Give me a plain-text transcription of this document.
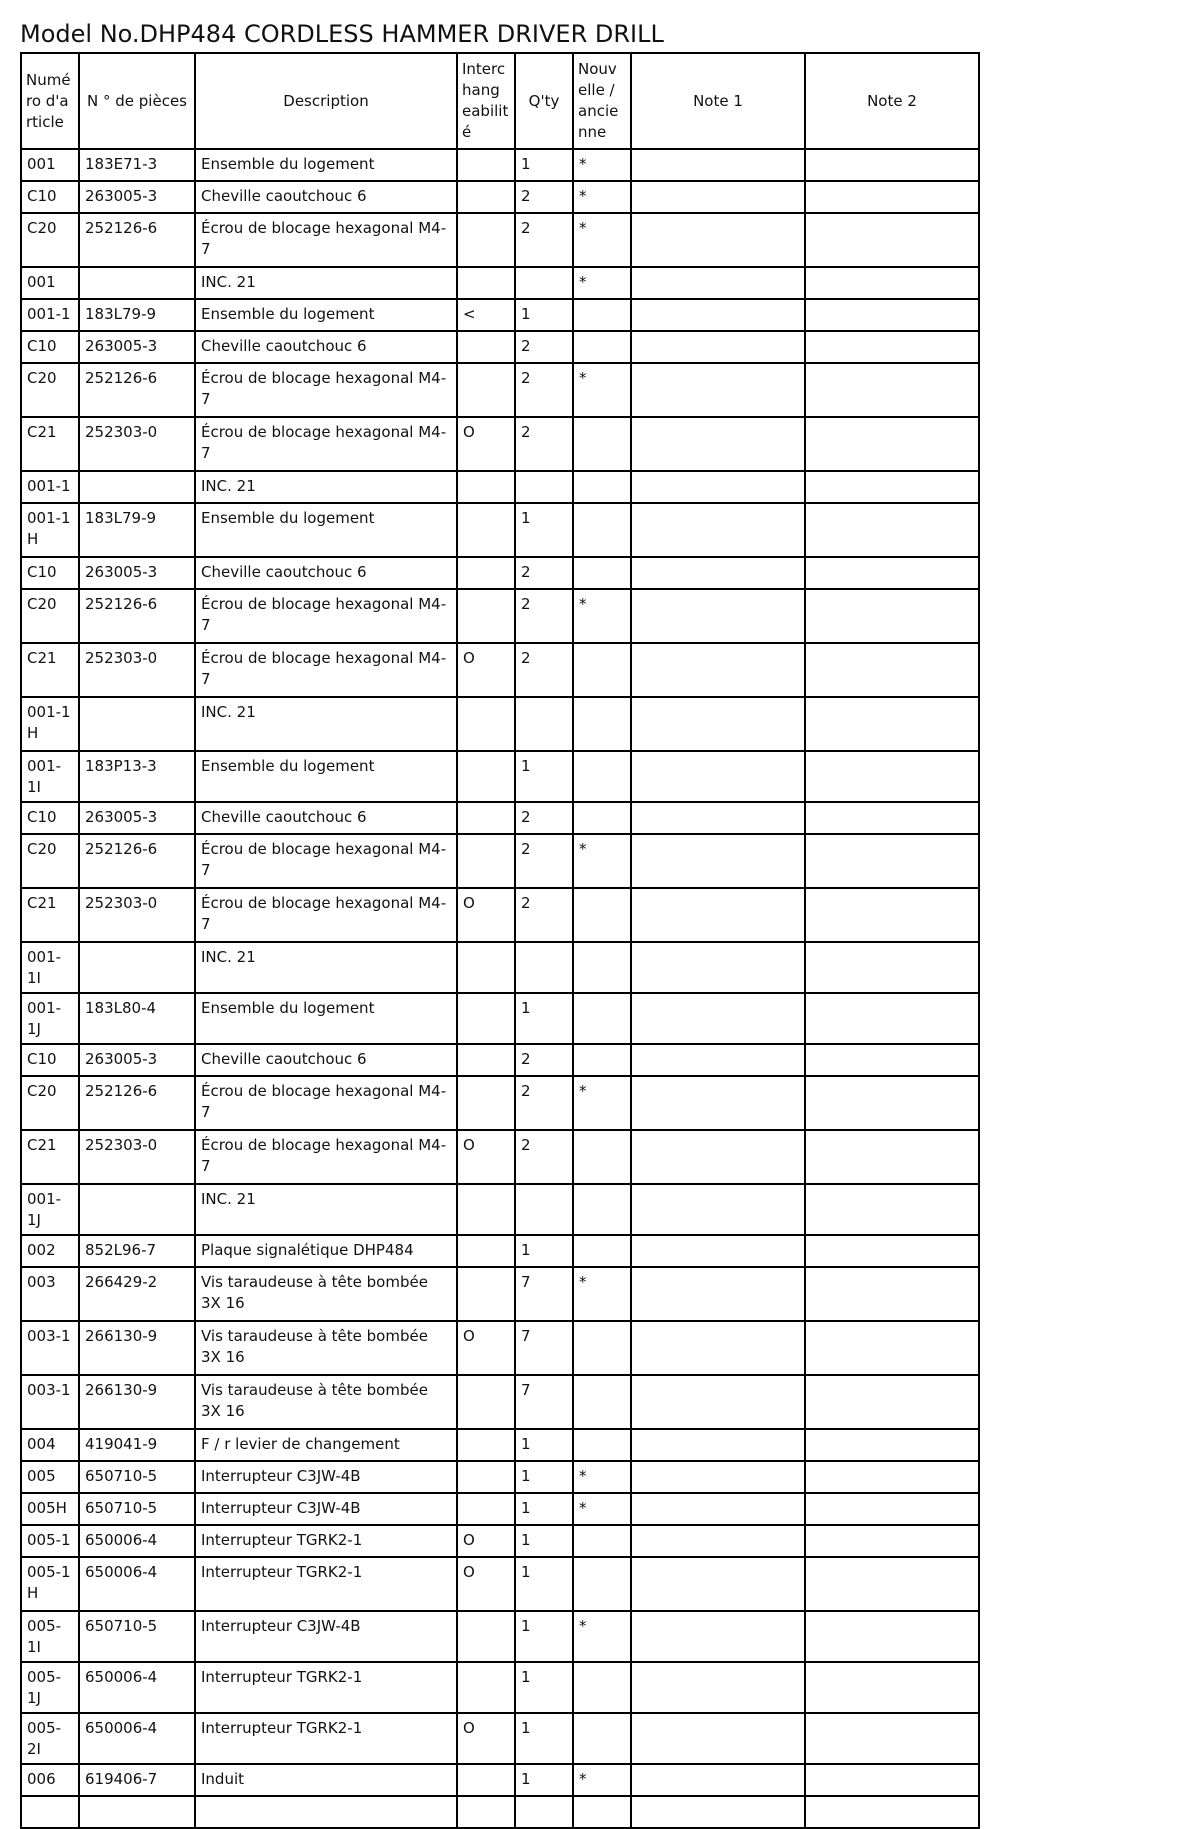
Model No.DHP484 CORDLESS HAMMER DRIVER DRILL
Numé ro d'a rticle	N ° de pièces	Description	Interc hang eabilit é	Q'ty	Nouv elle / ancie nne	Note 1	Note 2
001	183E71-3	Ensemble du logement		1	*		
C10	263005-3	Cheville caoutchouc 6		2	*		
C20	252126-6	Écrou de blocage hexagonal M4-7		2	*		
001		INC. 21			*		
001-1	183L79-9	Ensemble du logement	<	1			
C10	263005-3	Cheville caoutchouc 6		2			
C20	252126-6	Écrou de blocage hexagonal M4-7		2	*		
C21	252303-0	Écrou de blocage hexagonal M4-7	O	2			
001-1		INC. 21					
001-1 H	183L79-9	Ensemble du logement		1			
C10	263005-3	Cheville caoutchouc 6		2			
C20	252126-6	Écrou de blocage hexagonal M4-7		2	*		
C21	252303-0	Écrou de blocage hexagonal M4-7	O	2			
001-1 H		INC. 21					
001-1I	183P13-3	Ensemble du logement		1			
C10	263005-3	Cheville caoutchouc 6		2			
C20	252126-6	Écrou de blocage hexagonal M4-7		2	*		
C21	252303-0	Écrou de blocage hexagonal M4-7	O	2			
001-1I		INC. 21					
001-1J	183L80-4	Ensemble du logement		1			
C10	263005-3	Cheville caoutchouc 6		2			
C20	252126-6	Écrou de blocage hexagonal M4-7		2	*		
C21	252303-0	Écrou de blocage hexagonal M4-7	O	2			
001-1J		INC. 21					
002	852L96-7	Plaque signalétique DHP484		1			
003	266429-2	Vis taraudeuse à tête bombée 3X 16		7	*		
003-1	266130-9	Vis taraudeuse à tête bombée 3X 16	O	7			
003-1	266130-9	Vis taraudeuse à tête bombée 3X 16		7			
004	419041-9	F / r levier de changement		1			
005	650710-5	Interrupteur C3JW-4B		1	*		
005H	650710-5	Interrupteur C3JW-4B		1	*		
005-1	650006-4	Interrupteur TGRK2-1	O	1			
005-1 H	650006-4	Interrupteur TGRK2-1	O	1			
005-1I	650710-5	Interrupteur C3JW-4B		1	*		
005-1J	650006-4	Interrupteur TGRK2-1		1			
005-2I	650006-4	Interrupteur TGRK2-1	O	1			
006	619406-7	Induit		1	*		
